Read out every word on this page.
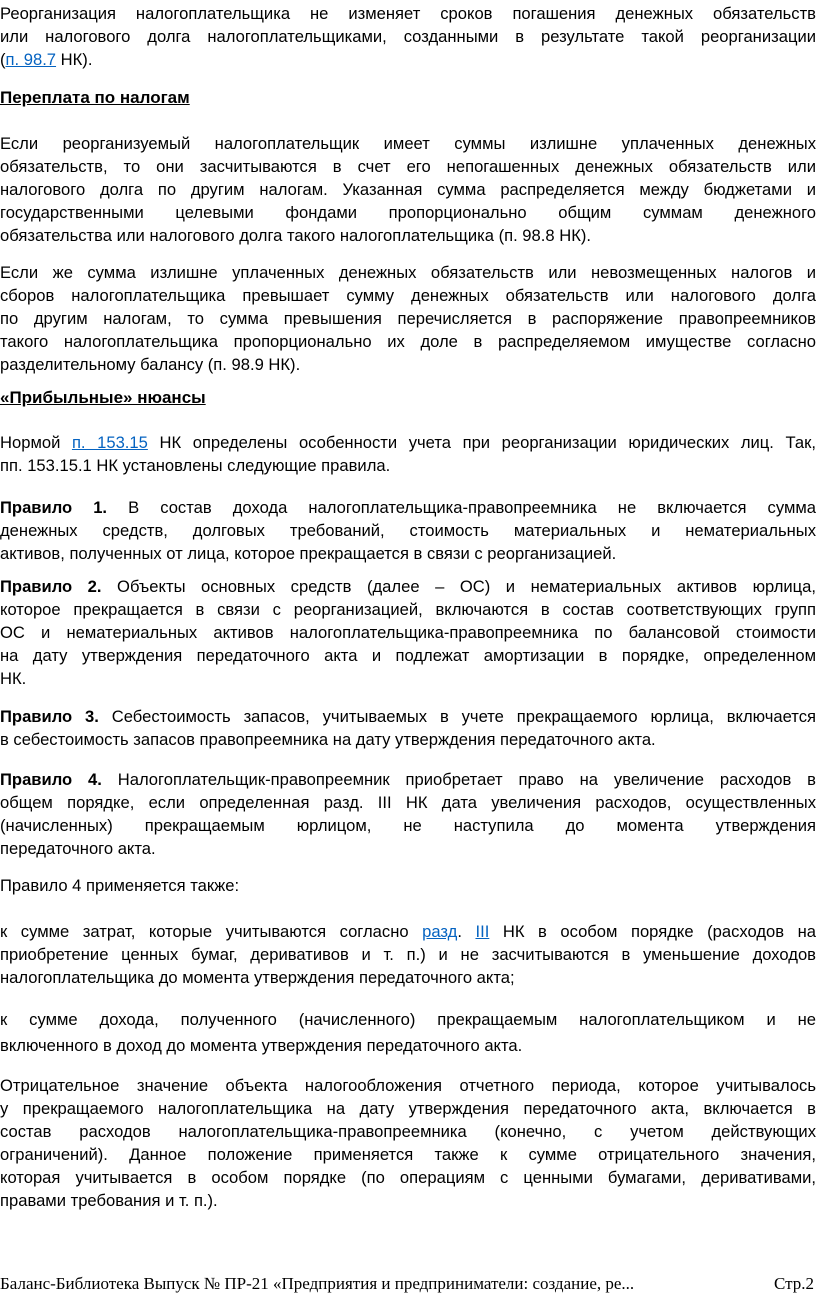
Реорганизация налогоплательщика не изменяет сроков погашения денежных обязательств
или налогового долга налогоплательщиками, созданными в результате такой реорганизации
(п. 98.7 НК).
Переплата по налогам
Если реорганизуемый налогоплательщик имеет суммы излишне уплаченных денежных
обязательств, то они засчитываются в счет его непогашенных денежных обязательств или
налогового долга по другим налогам. Указанная сумма распределяется между бюджетами и
государственными целевыми фондами пропорционально общим суммам денежного
обязательства или налогового долга такого налогоплательщика (п. 98.8 НК).
Если же сумма излишне уплаченных денежных обязательств или невозмещенных налогов и
сборов налогоплательщика превышает сумму денежных обязательств или налогового долга
по другим налогам, то сумма превышения перечисляется в распоряжение правопреемников
такого налогоплательщика пропорционально их доле в распределяемом имуществе согласно
разделительному балансу (п. 98.9 НК).
«Прибыльные» нюансы
Нормой п. 153.15 НК определены особенности учета при реорганизации юридических лиц. Так,
пп. 153.15.1 НК установлены следующие правила.
Правило 1. В состав дохода налогоплательщика-правопреемника не включается сумма
денежных средств, долговых требований, стоимость материальных и нематериальных
активов, полученных от лица, которое прекращается в связи с реорганизацией.
Правило 2. Объекты основных средств (далее – ОС) и нематериальных активов юрлица,
которое прекращается в связи с реорганизацией, включаются в состав соответствующих групп
ОС и нематериальных активов налогоплательщика-правопреемника по балансовой стоимости
на дату утверждения передаточного акта и подлежат амортизации в порядке, определенном
НК.
Правило 3. Себестоимость запасов, учитываемых в учете прекращаемого юрлица, включается
в себестоимость запасов правопреемника на дату утверждения передаточного акта.
Правило 4. Налогоплательщик-правопреемник приобретает право на увеличение расходов в
общем порядке, если определенная разд. III НК дата увеличения расходов, осуществленных
(начисленных) прекращаемым юрлицом, не наступила до момента утверждения
передаточного акта.
Правило 4 применяется также:
к сумме затрат, которые учитываются согласно разд. III НК в особом порядке (расходов на
приобретение ценных бумаг, деривативов и т. п.) и не засчитываются в уменьшение доходов
налогоплательщика до момента утверждения передаточного акта;
к сумме дохода, полученного (начисленного) прекращаемым налогоплательщиком и не
включенного в доход до момента утверждения передаточного акта.
Отрицательное значение объекта налогообложения отчетного периода, которое учитывалось
у прекращаемого налогоплательщика на дату утверждения передаточного акта, включается в
состав расходов налогоплательщика-правопреемника (конечно, с учетом действующих
ограничений). Данное положение применяется также к сумме отрицательного значения,
которая учитывается в особом порядке (по операциям с ценными бумагами, деривативами,
правами требования и т. п.).
Баланс-Библиотека Выпуск № ПР-21 «Предприятия и предприниматели: создание, ре...	Стр.2
